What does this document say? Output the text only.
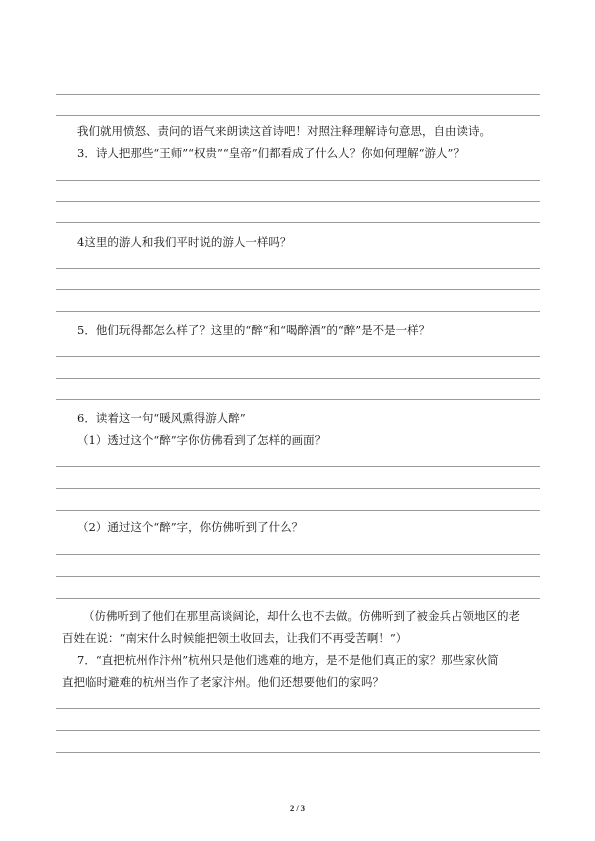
我们就用愤怒、责问的语气来朗读这首诗吧！对照注释理解诗句意思，自由读诗。
3．诗人把那些“王师”“权贵”“皇帝”们都看成了什么人？你如何理解“游人”？
4这里的游人和我们平时说的游人一样吗？
5．他们玩得都怎么样了？这里的“醉“和“喝醉酒”的“醉”是不是一样？
6．读着这一句“暖风熏得游人醉”
（1）透过这个“醉”字你仿佛看到了怎样的画面？
（2）通过这个“醉”字，你仿佛听到了什么？
（仿佛听到了他们在那里高谈阔论，却什么也不去做。仿佛听到了被金兵占领地区的老
百姓在说：“南宋什么时候能把领土收回去，让我们不再受苦啊！”）
7．“直把杭州作汴州”杭州只是他们逃难的地方，是不是他们真正的家？那些家伙简
直把临时避难的杭州当作了老家汴州。他们还想要他们的家吗？
2 / 3
